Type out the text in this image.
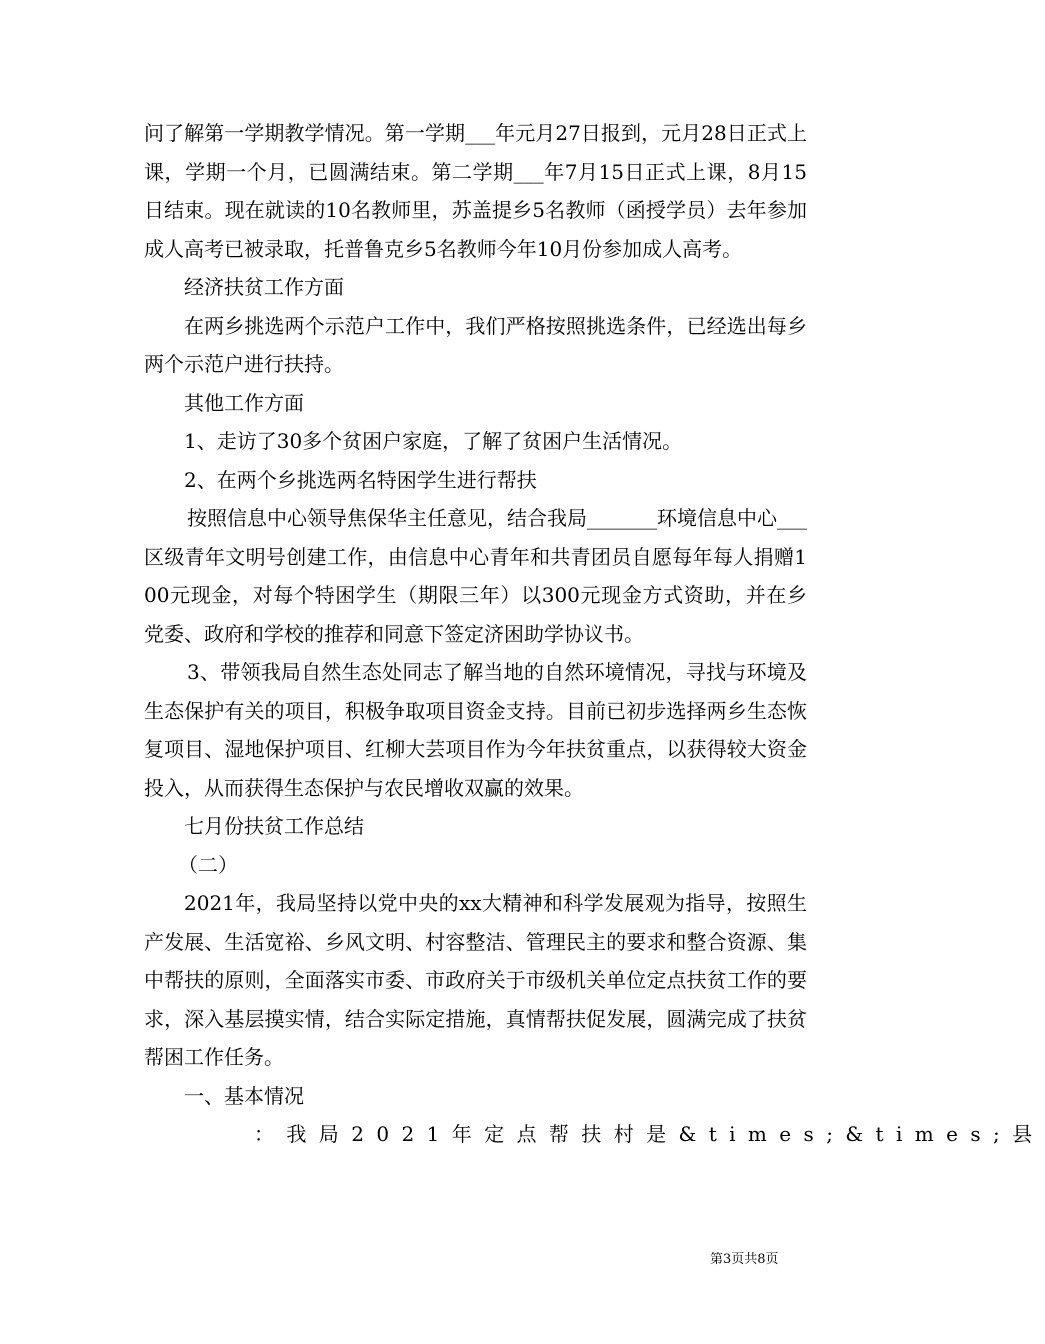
问了解第一学期教学情况。第一学期___年元月27日报到，元月28日正式上课，学期一个月，已圆满结束。第二学期___年7月15日正式上课，8月15日结束。现在就读的10名教师里，苏盖提乡5名教师（函授学员）去年参加成人高考已被录取，托普鲁克乡5名教师今年10月份参加成人高考。

经济扶贫工作方面

在两乡挑选两个示范户工作中，我们严格按照挑选条件，已经选出每乡两个示范户进行扶持。

其他工作方面

1、走访了30多个贫困户家庭，了解了贫困户生活情况。

2、在两个乡挑选两名特困学生进行帮扶

按照信息中心领导焦保华主任意见，结合我局_______环境信息中心___区级青年文明号创建工作，由信息中心青年和共青团员自愿每年每人捐赠100元现金，对每个特困学生（期限三年）以300元现金方式资助，并在乡党委、政府和学校的推荐和同意下签定济困助学协议书。

3、带领我局自然生态处同志了解当地的自然环境情况，寻找与环境及生态保护有关的项目，积极争取项目资金支持。目前已初步选择两乡生态恢复项目、湿地保护项目、红柳大芸项目作为今年扶贫重点，以获得较大资金投入，从而获得生态保护与农民增收双赢的效果。

七月份扶贫工作总结

（二）

2021年，我局坚持以党中央的xx大精神和科学发展观为指导，按照生产发展、生活宽裕、乡风文明、村容整洁、管理民主的要求和整合资源、集中帮扶的原则，全面落实市委、市政府关于市级机关单位定点扶贫工作的要求，深入基层摸实情，结合实际定措施，真情帮扶促发展，圆满完成了扶贫帮困工作任务。

一、基本情况

：我局2021年定点帮扶村是&times;&times;县

第3页共8页
